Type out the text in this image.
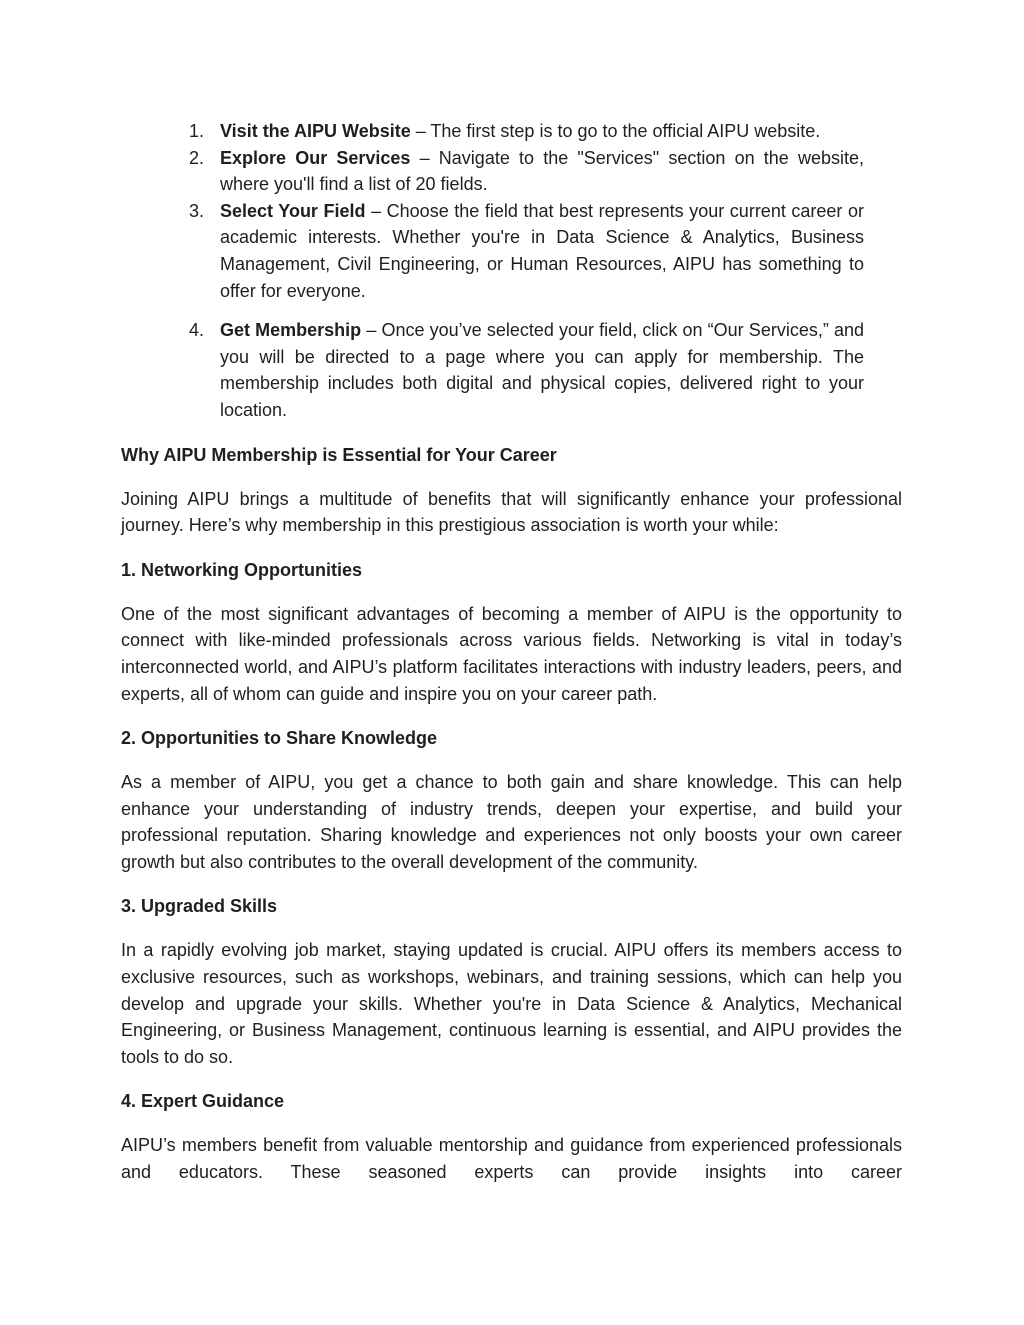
1. Visit the AIPU Website – The first step is to go to the official AIPU website.
2. Explore Our Services – Navigate to the "Services" section on the website, where you'll find a list of 20 fields.
3. Select Your Field – Choose the field that best represents your current career or academic interests. Whether you're in Data Science & Analytics, Business Management, Civil Engineering, or Human Resources, AIPU has something to offer for everyone.
4. Get Membership – Once you’ve selected your field, click on “Our Services,” and you will be directed to a page where you can apply for membership. The membership includes both digital and physical copies, delivered right to your location.
Why AIPU Membership is Essential for Your Career

Joining AIPU brings a multitude of benefits that will significantly enhance your professional journey. Here’s why membership in this prestigious association is worth your while:

1. Networking Opportunities

One of the most significant advantages of becoming a member of AIPU is the opportunity to connect with like-minded professionals across various fields. Networking is vital in today’s interconnected world, and AIPU’s platform facilitates interactions with industry leaders, peers, and experts, all of whom can guide and inspire you on your career path.

2. Opportunities to Share Knowledge

As a member of AIPU, you get a chance to both gain and share knowledge. This can help enhance your understanding of industry trends, deepen your expertise, and build your professional reputation. Sharing knowledge and experiences not only boosts your own career growth but also contributes to the overall development of the community.

3. Upgraded Skills

In a rapidly evolving job market, staying updated is crucial. AIPU offers its members access to exclusive resources, such as workshops, webinars, and training sessions, which can help you develop and upgrade your skills. Whether you're in Data Science & Analytics, Mechanical Engineering, or Business Management, continuous learning is essential, and AIPU provides the tools to do so.

4. Expert Guidance

AIPU’s members benefit from valuable mentorship and guidance from experienced professionals and educators. These seasoned experts can provide insights into career
